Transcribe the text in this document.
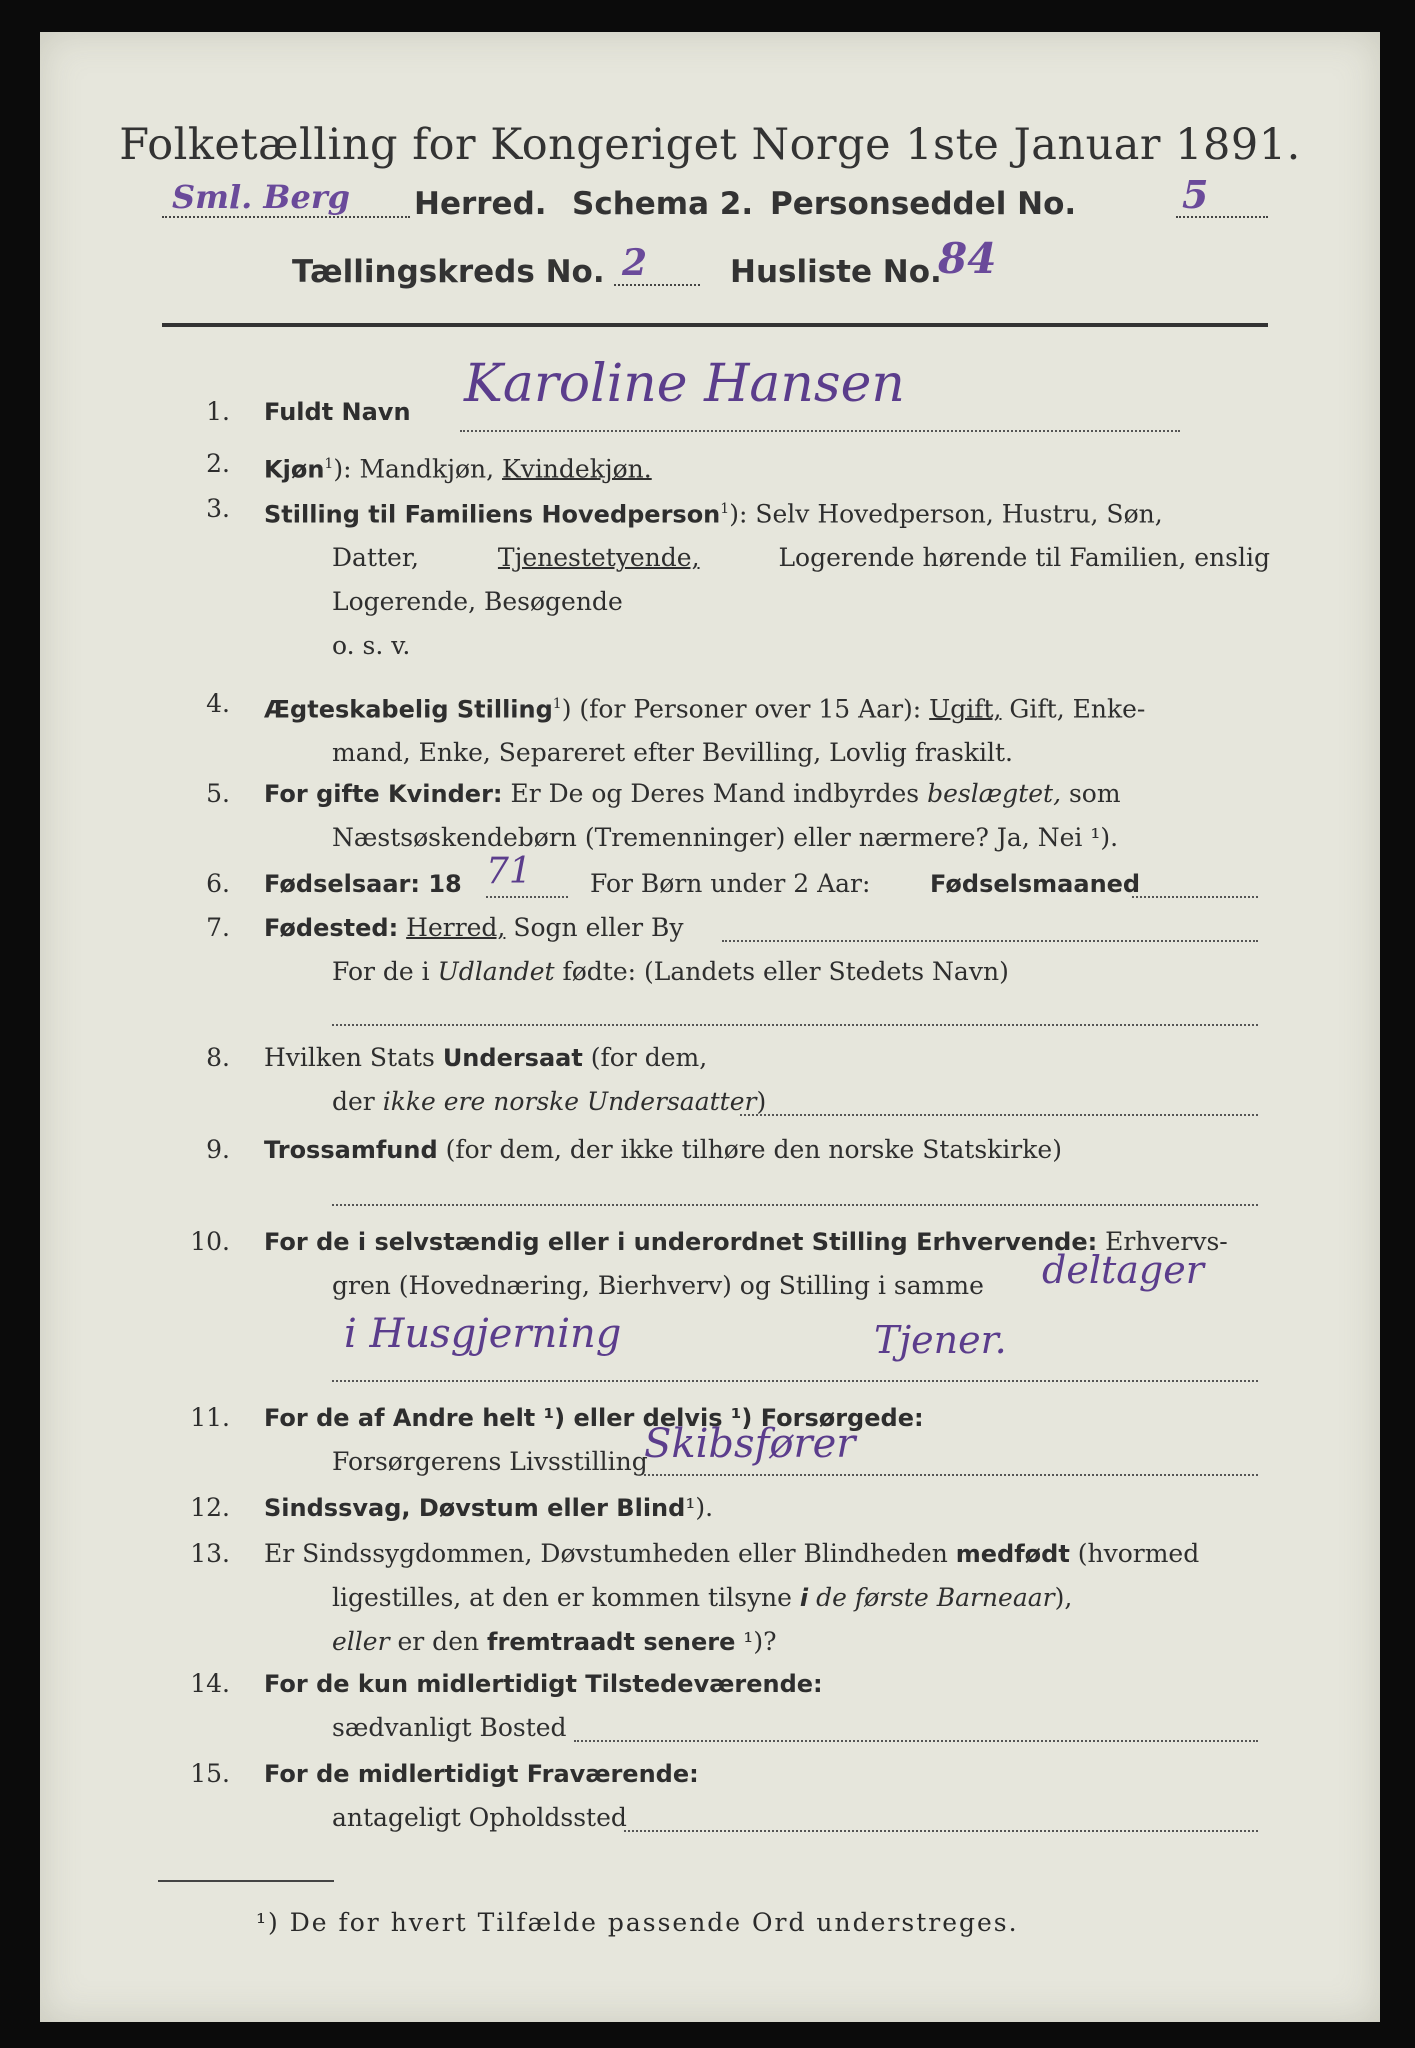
Folketælling for Kongeriget Norge 1ste Januar 1891.
Sml. Berg Herred. Schema 2. Personseddel No.	5
Tællingskreds No. 2	Husliste No.
84
1. Fuldt Navn Karoline Hansen
2. Kjøn$^1$): Mandkjøn, Kvindekjøn.
3. Stilling til Familiens Hovedperson$^1$): Selv Hovedperson, Hustru, Søn,
Datter,	Tjenestetyende,	Logerende hørende til Familien, enslig
Logerende, Besøgende
o. s. v.
4. Ægteskabelig Stilling$^1$) (for Personer over 15 Aar): Ugift, Gift, Enke-
mand, Enke, Separeret efter Bevilling, Lovlig fraskilt.
5. For gifte Kvinder: Er De og Deres Mand indbyrdes beslægtet, som
Næstsøskendebørn (Tremenninger) eller nærmere? Ja, Nei ¹).
6. Fødselsaar: 18 71 For Børn under 2 Aar: Fødselsmaaned
7. Fødested: Herred, Sogn eller By
For de i Udlandet fødte: (Landets eller Stedets Navn)
8. Hvilken Stats Undersaat (for dem,
der ikke ere norske Undersaatter)
9. Trossamfund (for dem, der ikke tilhøre den norske Statskirke)
10. For de i selvstændig eller i underordnet Stilling Erhvervende: Erhvervs-
gren (Hovednæring, Bierhverv) og Stilling i samme	deltager
i Husgjerning	Tjener.
11. For de af Andre helt ¹) eller delvis ¹) Forsørgede:
Forsørgerens Livsstilling
Skibsfører
12. Sindssvag, Døvstum eller Blind¹).
13. Er Sindssygdommen, Døvstumheden eller Blindheden medfødt (hvormed
ligestilles, at den er kommen tilsyne i de første Barneaar),
eller er den fremtraadt senere ¹)?
14. For de kun midlertidigt Tilstedeværende:
sædvanligt Bosted
15. For de midlertidigt Fraværende:
antageligt Opholdssted
¹) De for hvert Tilfælde passende Ord understreges.
